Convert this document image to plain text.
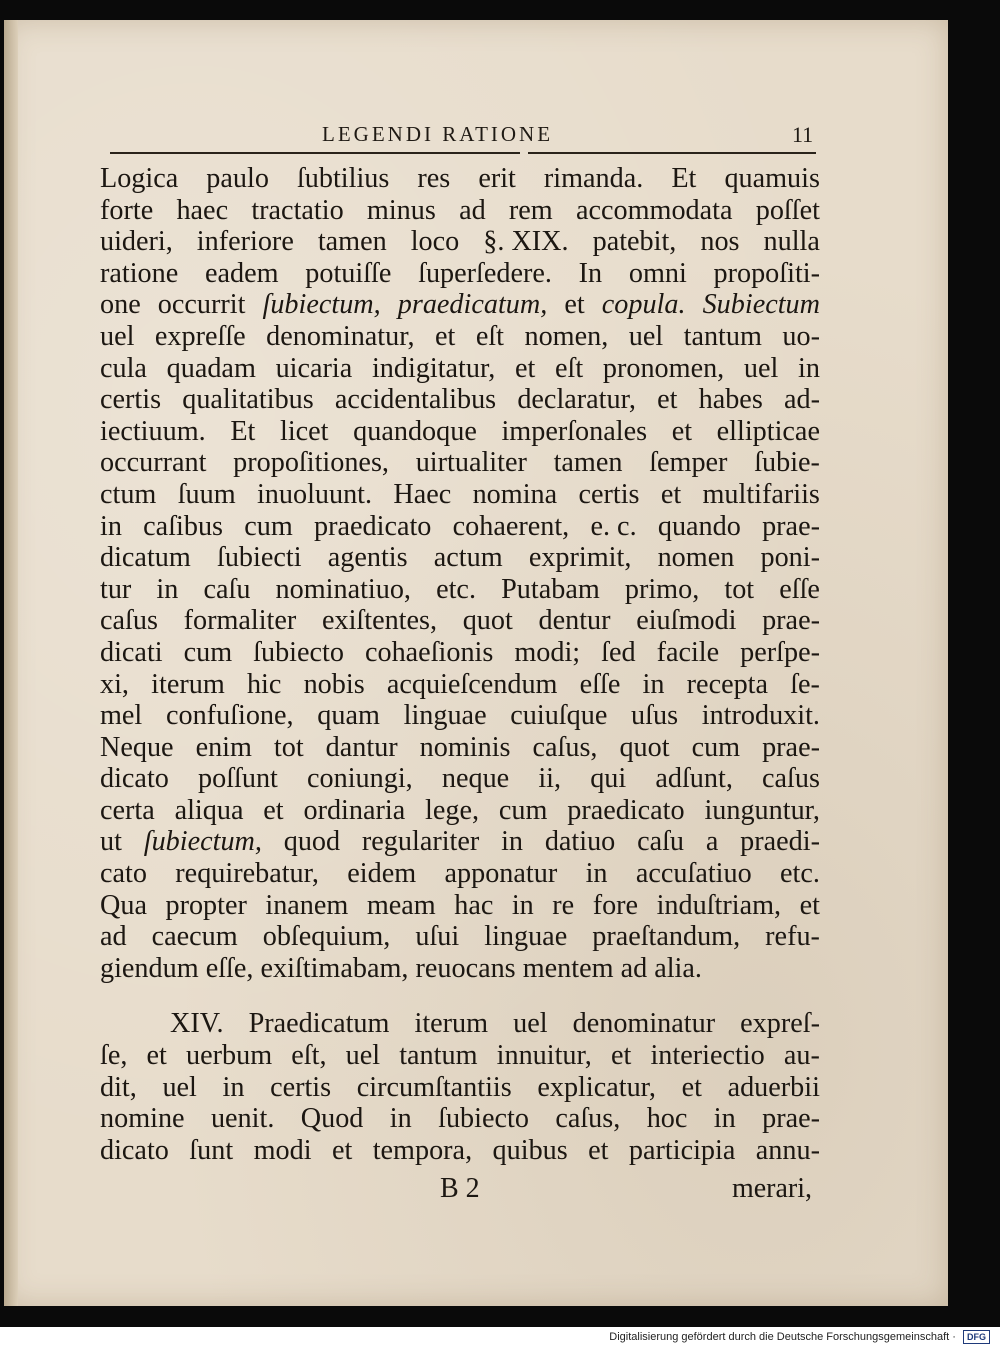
LEGENDI RATIONE	11
Logica paulo ſubtilius res erit rimanda. Et quamuis
forte haec tractatio minus ad rem accommodata poſſet
uideri, inferiore tamen loco §. XIX. patebit, nos nulla
ratione eadem potuiſſe ſuperſedere. In omni propoſiti-
one occurrit ſubiectum, praedicatum, et copula. Subiectum
uel expreſſe denominatur, et eſt nomen, uel tantum uo-
cula quadam uicaria indigitatur, et eſt pronomen, uel in
certis qualitatibus accidentalibus declaratur, et habes ad-
iectiuum. Et licet quandoque imperſonales et ellipticae
occurrant propoſitiones, uirtualiter tamen ſemper ſubie-
ctum ſuum inuoluunt. Haec nomina certis et multifariis
in caſibus cum praedicato cohaerent, e. c. quando prae-
dicatum ſubiecti agentis actum exprimit, nomen poni-
tur in caſu nominatiuo, etc. Putabam primo, tot eſſe
caſus formaliter exiſtentes, quot dentur eiuſmodi prae-
dicati cum ſubiecto cohaeſionis modi; ſed facile perſpe-
xi, iterum hic nobis acquieſcendum eſſe in recepta ſe-
mel confuſione, quam linguae cuiuſque uſus introduxit.
Neque enim tot dantur nominis caſus, quot cum prae-
dicato poſſunt coniungi, neque ii, qui adſunt, caſus
certa aliqua et ordinaria lege, cum praedicato iunguntur,
ut ſubiectum, quod regulariter in datiuo caſu a praedi-
cato requirebatur, eidem apponatur in accuſatiuo etc.
Qua propter inanem meam hac in re fore induſtriam, et
ad caecum obſequium, uſui linguae praeſtandum, refu-
giendum
eſſe,
exiſtimabam,
reuocans
mentem
ad
alia.
XIV. Praedicatum iterum uel denominatur expreſ-
ſe, et uerbum eſt, uel tantum innuitur, et interiectio au-
dit, uel in certis circumſtantiis explicatur, et aduerbii
nomine uenit. Quod in ſubiecto caſus, hoc in prae-
dicato ſunt modi et tempora, quibus et participia annu-
B 2	merari,
Digitalisierung gefördert durch die Deutsche Forschungsgemeinschaft · DFG
